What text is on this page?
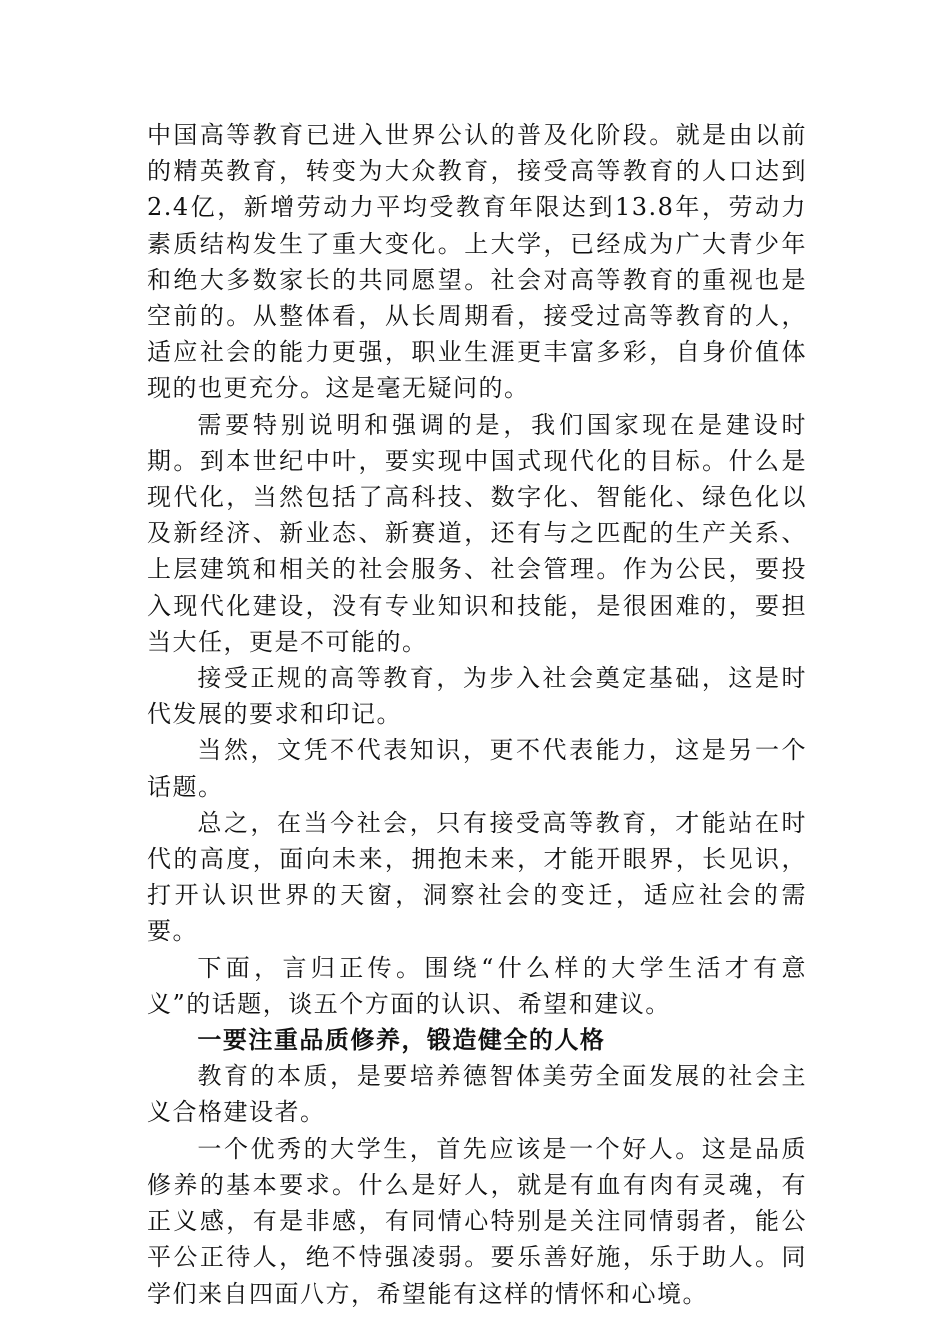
中国高等教育已进入世界公认的普及化阶段。就是由以前的精英教育，转变为大众教育，接受高等教育的人口达到2.4亿，新增劳动力平均受教育年限达到13.8年，劳动力素质结构发生了重大变化。上大学，已经成为广大青少年和绝大多数家长的共同愿望。社会对高等教育的重视也是空前的。从整体看，从长周期看，接受过高等教育的人，适应社会的能力更强，职业生涯更丰富多彩，自身价值体现的也更充分。这是毫无疑问的。

需要特别说明和强调的是，我们国家现在是建设时期。到本世纪中叶，要实现中国式现代化的目标。什么是现代化，当然包括了高科技、数字化、智能化、绿色化以及新经济、新业态、新赛道，还有与之匹配的生产关系、上层建筑和相关的社会服务、社会管理。作为公民，要投入现代化建设，没有专业知识和技能，是很困难的，要担当大任，更是不可能的。

接受正规的高等教育，为步入社会奠定基础，这是时代发展的要求和印记。

当然，文凭不代表知识，更不代表能力，这是另一个话题。

总之，在当今社会，只有接受高等教育，才能站在时代的高度，面向未来，拥抱未来，才能开眼界，长见识，打开认识世界的天窗，洞察社会的变迁，适应社会的需要。

下面，言归正传。围绕“什么样的大学生活才有意义”的话题，谈五个方面的认识、希望和建议。

一要注重品质修养，锻造健全的人格

教育的本质，是要培养德智体美劳全面发展的社会主义合格建设者。

一个优秀的大学生，首先应该是一个好人。这是品质修养的基本要求。什么是好人，就是有血有肉有灵魂，有正义感，有是非感，有同情心特别是关注同情弱者，能公平公正待人，绝不恃强凌弱。要乐善好施，乐于助人。同学们来自四面八方，希望能有这样的情怀和心境。
